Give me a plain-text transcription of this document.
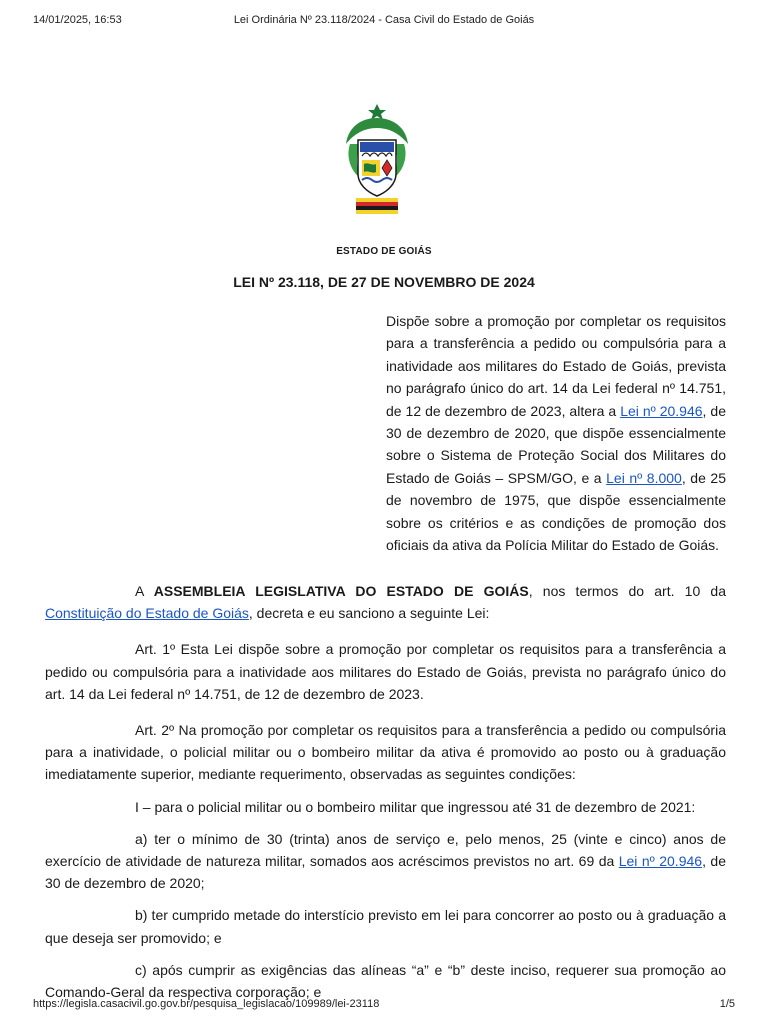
14/01/2025, 16:53	Lei Ordinária Nº 23.118/2024 - Casa Civil do Estado de Goiás
ESTADO DE GOIÁS
LEI Nº 23.118, DE 27 DE NOVEMBRO DE 2024
Dispõe sobre a promoção por completar os requisitos para a transferência a pedido ou compulsória para a inatividade aos militares do Estado de Goiás, prevista no parágrafo único do art. 14 da Lei federal nº 14.751, de 12 de dezembro de 2023, altera a Lei nº 20.946, de 30 de dezembro de 2020, que dispõe essencialmente sobre o Sistema de Proteção Social dos Militares do Estado de Goiás – SPSM/GO, e a Lei nº 8.000, de 25 de novembro de 1975, que dispõe essencialmente sobre os critérios e as condições de promoção dos oficiais da ativa da Polícia Militar do Estado de Goiás.

A ASSEMBLEIA LEGISLATIVA DO ESTADO DE GOIÁS, nos termos do art. 10 da Constituição do Estado de Goiás, decreta e eu sanciono a seguinte Lei:

Art. 1º Esta Lei dispõe sobre a promoção por completar os requisitos para a transferência a pedido ou compulsória para a inatividade aos militares do Estado de Goiás, prevista no parágrafo único do art. 14 da Lei federal nº 14.751, de 12 de dezembro de 2023.

Art. 2º Na promoção por completar os requisitos para a transferência a pedido ou compulsória para a inatividade, o policial militar ou o bombeiro militar da ativa é promovido ao posto ou à graduação imediatamente superior, mediante requerimento, observadas as seguintes condições:

I – para o policial militar ou o bombeiro militar que ingressou até 31 de dezembro de 2021:

a) ter o mínimo de 30 (trinta) anos de serviço e, pelo menos, 25 (vinte e cinco) anos de exercício de atividade de natureza militar, somados aos acréscimos previstos no art. 69 da Lei nº 20.946, de 30 de dezembro de 2020;

b) ter cumprido metade do interstício previsto em lei para concorrer ao posto ou à graduação a que deseja ser promovido; e

c) após cumprir as exigências das alíneas “a” e “b” deste inciso, requerer sua promoção ao Comando-Geral da respectiva corporação; e

https://legisla.casacivil.go.gov.br/pesquisa_legislacao/109989/lei-23118	1/5
